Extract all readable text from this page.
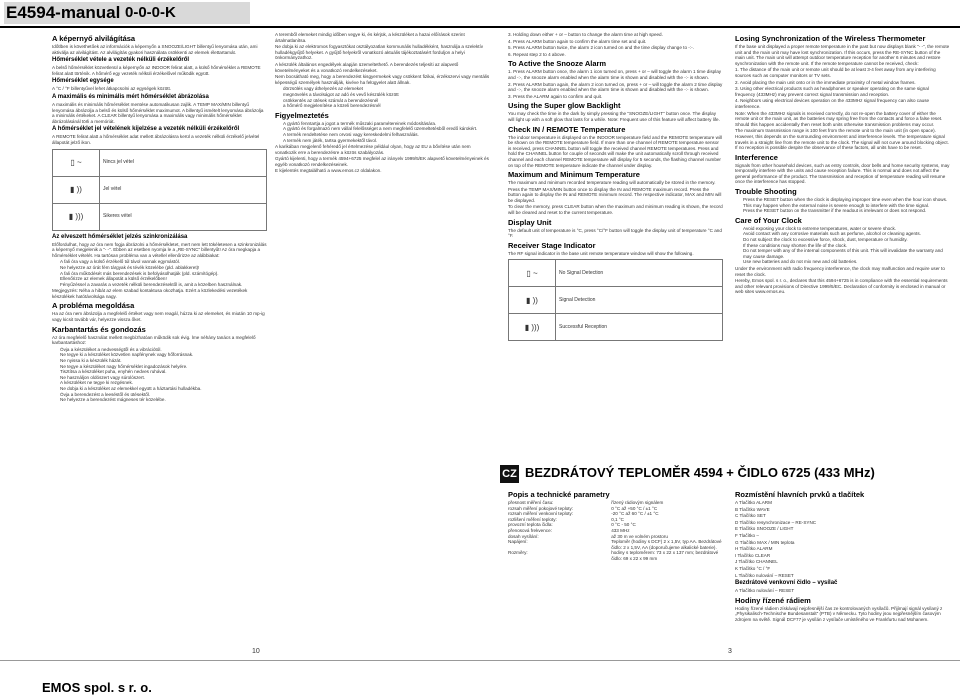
E4594-manual 0-0-0-K
A képernyő alvilágítása

Időtlben is követhetőek az információk a képernyőn a SNOOZE/LIGHT billentyű lenyomása után, ami aktiválja az alvilágítást. Az alvilágítás gyakori használata csökkenti az elemek élettartamát.

Hőmérséklet vétele a vezeték nélküli érzékelőről

A belső hőmérséklet közvetlenül a képernyőn az INDOOR felirat alatt, a külső hőmérséklet a REMOTE felirat alatt történik. A hőmérő egy vezeték nélküli érzékelővel működik együtt.

Hőmérséklet egysége

A °C / °F billentyűvel lehet átkapcsolni az egységek között.

A maximális és minimális mért hőmérséklet ábrázolása

A maximális és minimális hőmérséklet mentése automatikusan zajlik. A TEMP MAX/MIN billentyű lenyomása ábrázolja a belső és külső hőmérséklet maximumot. A billentyű ismételt lenyomása ábrázolja a minimális értékeket. A CLEAR billentyű lenyomása a maximális vagy minimális hőmérséklet ábrázolásánál törli a memóriát.

A hőmérséklet jel vételének kijelzése a vezeték nélküli érzékelőről

A REMOTE felirat alatt a hőmérséklet adat mellett ábrázolásra kerül a vezeték nélküli érzékelő jelvétel állapotát jelző ikon.

▯ ~	Nincs jel vétel
▮ ))	Jel vétel
▮ )))	Sikeres vétel
Az elveszett hőmérséklet jelzés szinkronizálása

Előfordulhat, hogy az óra nem fogja ábrázolni a hőmérsékletet, mert nem lett tökéletesen a szinkronizálás a képernyő megjelenik a "- -". Ebben az esetben nyomja le a „RE-SYNC” billentyűt! Az óra megkapja a hőmérséklet vételét. Ha tartósan probléma van a vétellel ellenőrizze az alábbiakat:

• A fali óra vagy a külső érzékelő túl távol vannak egymástól.
• Ne helyezze az órát fém tárgyak és tévék közelébe (pld. ablakkeret)!
• A fali óra működését más berendezések is befolyásolhatják (pld. számítógép).
• Ellenőrizze az elemek állapotát a külső érzékelőben!
• Fényűzéssel a zavarás a vezeték nélküli berendezésektől is, amit a közelben használnak.

Megjegyzés: Néha a hibát az elem szabad kontaktusa okozhatja. Ezért a közlekedési vezetékek készülékek hatótávolsága nagy.

A probléma megoldása

Ha az óra nem ábrázolja a megfelelő értéket vagy nem reagál, húzza ki az elemeket, és miután 10 mp-ig vagy kicsit tovább vár, helyezze vissza őket.

Karbantartás és gondozás

Az óra megfelelő használat mellett megbízhatóan működik sok évig. Íme néhány tanács a megfelelő karbantartáshoz:

• Óvja a készüléket a nedvességtől és a vibrációtól.
• Ne tegye ki a készüléket közvetlen napfénynek vagy hőforrásnak.
• Ne nyissa ki a készülék házát.
• Ne tegye a készüléket nagy hőmérséklet ingadozások helyére.
• Tisztítsa a készüléket puha, enyhén nedves ruhával.
• Ne használjon oldószert vagy súrolószert.
• A készüléket ne tegye ki rezgésnek.
• Ne dobja ki a készüléket az elemekkel együtt a háztartási hulladékba.
• Óvja a berendezést a leeséstől és ütésektől.
• Ne helyezze a berendezést mágneses tér közelébe.

A teremből elemeket mindig időben vegye ki, és kérjük, a készüléket a hazai előírások szerint ártalmatlanítsa.

Ne dobja ki az elektromos fogyasztókat osztályozatlan kommunális hulladékként, használja a szelektív hulladékgyűjtő helyeket. A gyűjtő helyekről vonatkozó aktuális tájékoztatásért forduljon a helyi önkormányzathoz.

A készülék általános engedélyek alapján üzemeltethető. A berendezés teljesíti az alapvető követelményeket és a vonatkozó rendelkezéseket.

Nem bocsátható meg, hogy a berendezést kisgyermekek vagy csökkent fizikai, érzékszervi vagy mentális képességű személyek használják, kivéve ha felügyelet alatt állnak.

• dörzsölés vagy áthelyezés az elemeket
• megnövelés a távolságot az adó és vevő készülék között
• csökkentés az ütések számát a berendezésnél
• a hőmérő megjelenítése a közeli berendezésnél
Figyelmeztetés
• A gyártó fenntartja a jogot a termék műszaki paramétereinek módosítására.
• A gyártó és forgalmazó nem vállal felelősséget a nem megfelelő üzemeltetésből eredő károkért.
• A termék rendeltetése nem orvosi vagy kereskedelmi felhasználás.
• A termék nem játék, tartsa gyermekektől távol.

A karikában megjelenő fehéredő jel értelmezése például olyan, hogy az EU a bővítése után nem vonatkozik erre a berendezésre a közös szabályozás.

Gyártó kijelenti, hogy a termék 4594+6725 megfelel az irányelv 1999/5/EK alapvető követelményeinek és egyéb vonatkozó rendelkezéseinek.

E kijelentés megtalálható a www.emos.cz oldalakon.

3. Holding down either + or – button to change the alarm time at high speed.

4. Press ALARM button again to confirm the alarm time set and quit.

5. Press ALARM button twice, the alarm 2 icon turned on and the time display change to -:-.

6. Repeat step 2 to 4 above.

To Active the Snooze Alarm

1. Press ALARM button once, the alarm 1 icon turned on, press + or – will toggle the alarm 1 time display and -:-, the snooze alarm enabled when the alarm time is shown and disabled with the -:- is shown.

2. Press ALARM button again, the alarm 2 icon turned on, press + or – will toggle the alarm 2 time display and -:-, the snooze alarm enabled when the alarm time is shown and disabled with the -:- is shown.

3. Press the ALARM again to confirm and quit.

Using the Super glow Backlight

You may check the time in the dark by simply pressing the "SNOOZE/LIGHT" button once. The display will light up with a soft glow that lasts for a while. Note: Frequent use of this feature will affect battery life.

Check IN / REMOTE Temperature

The indoor temperature is displayed on the INDOOR temperature field and the REMOTE temperature will be shown on the REMOTE temperature field. If more than one channel of REMOTE temperature sensor is received, press CHANNEL button will toggle the received channel REMOTE temperatures. Press and hold the CHANNEL button for couple of seconds will make the unit automatically scroll through received channel and each channel REMOTE temperature will display for 5 seconds, the flashing channel number on top of the REMOTE temperature indicate the channel under display.

Maximum and Minimum Temperature

The maximum and minimum recorded temperature reading will automatically be stored in the memory.

Press the TEMP MAX/MIN button once to display the IN and REMOTE maximum record. Press the button again to display the IN and REMOTE minimum record. The respective indicator, MAX and MIN will be displayed.

To clear the memory, press CLEAR button when the maximum and minimum reading is shown, the record will be cleared and reset to the current temperature.

Display Unit

The default unit of temperature is °C, press °C/°F button will toggle the display unit of temperature °C and °F.

Receiver Stage Indicator

The RF signal indicator in the base unit remote temperature window will show the following.

▯ ~	No Signal Detection
▮ ))	Signal Detection
▮ )))	Successful Reception
Losing Synchronization of the Wireless Thermometer

If the base unit displayed a proper remote temperature in the past but now displays blank "- -", the remote unit and the main unit may have lost synchronization. If this occurs, press the RE-SYNC button of the main unit. The main unit will attempt outdoor temperature reception for another 6 minutes and restore synchronization with the remote unit. If the remote temperature cannot be received, check:

1. The distance of the main unit or remote unit should be at least 3-4 feet away from any interfering sources such as computer monitors or TV sets.

2. Avoid placing the main unit onto or in the immediate proximity of metal window frames.

3. Using other electrical products such as headphones or speaker operating on the same signal frequency (433MHz) may prevent correct signal transmission and reception.

4. Neighbors using electrical devices operation on the 433MHz signal frequency can also cause interference.

Note: When the 433MHz signals is received correctly, do not re-open the battery cover of either the remote unit or the main unit, as the batteries may spring free from the contacts and force a false reset. Should this happen accidentally then reset both units otherwise transmission problems may occur.

The maximum transmission range is 100 feet from the remote unit to the main unit (in open space). However, this depends on the surrounding environment and interference levels. The temperature signal travels in a straight line from the remote unit to the clock. The signal will not curve around blocking object. If no reception is possible despite the observance of these factors, all units have to be reset.

Interference

Signals from other household devices, such as entry controls, door bells and home security systems, may temporarily interfere with the units and cause reception failure. This is normal and does not affect the general performance of the product. The transmission and reception of temperature reading will resume once the interference has stopped.

Trouble Shooting
• Press the RESET button when the clock is displaying improper time even when the hour icon shows. This may happen when the external noise is severe enough to interfere with the time signal.
• Press the RESET button on the transmitter if the readout is irrelevant or does not respond.
Care of Your Clock
• Avoid exposing your clock to extreme temperatures, water or severe shock.
• Avoid contact with any corrosive materials such as perfume, alcohol or cleaning agents.
• Do not subject the clock to excessive force, shock, dust, temperature or humidity.
• If these conditions may shorten the life of the clock.
• Do not temper with any of the internal components of this unit. This will invalidate the warranty and may cause damage.
• Use new batteries and do not mix new and old batteries.

Under the environment with radio frequency interference, the clock may malfunction and require user to reset the clock.

Hereby, Emos spol. s r. o., declares that this 4594+6725 is in compliance with the essential requirements and other relevant provisions of Directive 1999/5/EC. Declaration of conformity is enclosed in manual or web sites www.emos.eu.

CZ BEZDRÁTOVÝ TEPLOMĚR 4594 + ČIDLO 6725 (433 MHz)
Popis a technické parametry
přesnost měření času:	řízený rádiovým signálem
rozsah měření pokojové teploty:	0 °C až +50 °C / ±1 °C
rozsah měření venkovní teploty:	-20 °C až 60 °C / ±1 °C
rozlišení měření teploty:	0,1 °C
provozní teplota čidla:	0 °C - 50 °C
přenosová frekvence:	433 MHz
dosah vysílání:	až 30 m ve volném prostoru
Napájení:	Teploměr (hodiny s DCF) 2 x 1,5V, typ AA. Bezdrátové čidlo: 2 x 1,5V, AA (doporučujeme alkalické baterie).
Rozměry:	hodiny s teploměrem: 73 x 22 x 137 mm; bezdrátové čidlo: 69 x 22 x 99 mm
Rozmístění hlavních prvků a tlačítek

A Tlačítko ALARM

B Tlačítko WAVE

C Tlačítko SET

D Tlačítko resynchronizace – RE-SYNC

E Tlačítko SNOOZE / LIGHT

F Tlačítko –

G Tlačítko MAX / MIN teplota

H Tlačítko ALARM

I Tlačítko CLEAR

J Tlačítko CHANNEL

K Tlačítko °C / °F

L Tlačítko nulování – RESET

Bezdrátové venkovní čidlo – vysílač

A Tlačítko nulování – RESET

Hodiny řízené rádiem

Hodiny řízené rádiem získávají nejpřesnější čas ze kontrolovaných vysílačů. Přijímají signál vysílaný z „Physikalisch-Technische Bundesanstalt“ (PTB) v Německu. Tyto hodiny jsou nejpřesnějším časovým zdrojem na světě. Signál DCF77 je vysílán z vysílače umístěného ve Frankfurtu nad Mohanem.

10	3
EMOS spol. s r. o.
